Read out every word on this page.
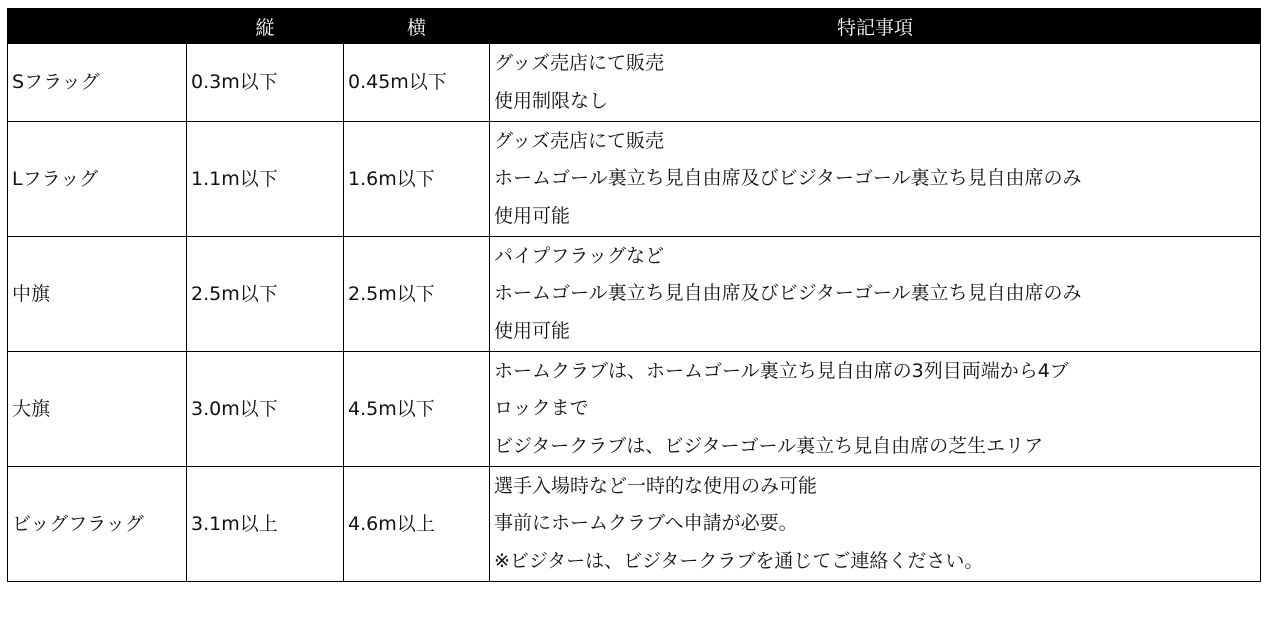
	縦	横	特記事項
Sフラッグ	0.3m以下	0.45m以下	グッズ売店にて販売
使用制限なし

Lフラッグ	1.1m以下	1.6m以下	グッズ売店にて販売
ホームゴール裏立ち見自由席及びビジターゴール裏立ち見自由席のみ
使用可能

中旗	2.5m以下	2.5m以下	パイプフラッグなど
ホームゴール裏立ち見自由席及びビジターゴール裏立ち見自由席のみ
使用可能

大旗	3.0m以下	4.5m以下	ホームクラブは、ホームゴール裏立ち見自由席の3列目両端から4ブ
ロックまで
ビジタークラブは、ビジターゴール裏立ち見自由席の芝生エリア

ビッグフラッグ	3.1m以上	4.6m以上	選手入場時など一時的な使用のみ可能
事前にホームクラブへ申請が必要。
※ビジターは、ビジタークラブを通じてご連絡ください。
